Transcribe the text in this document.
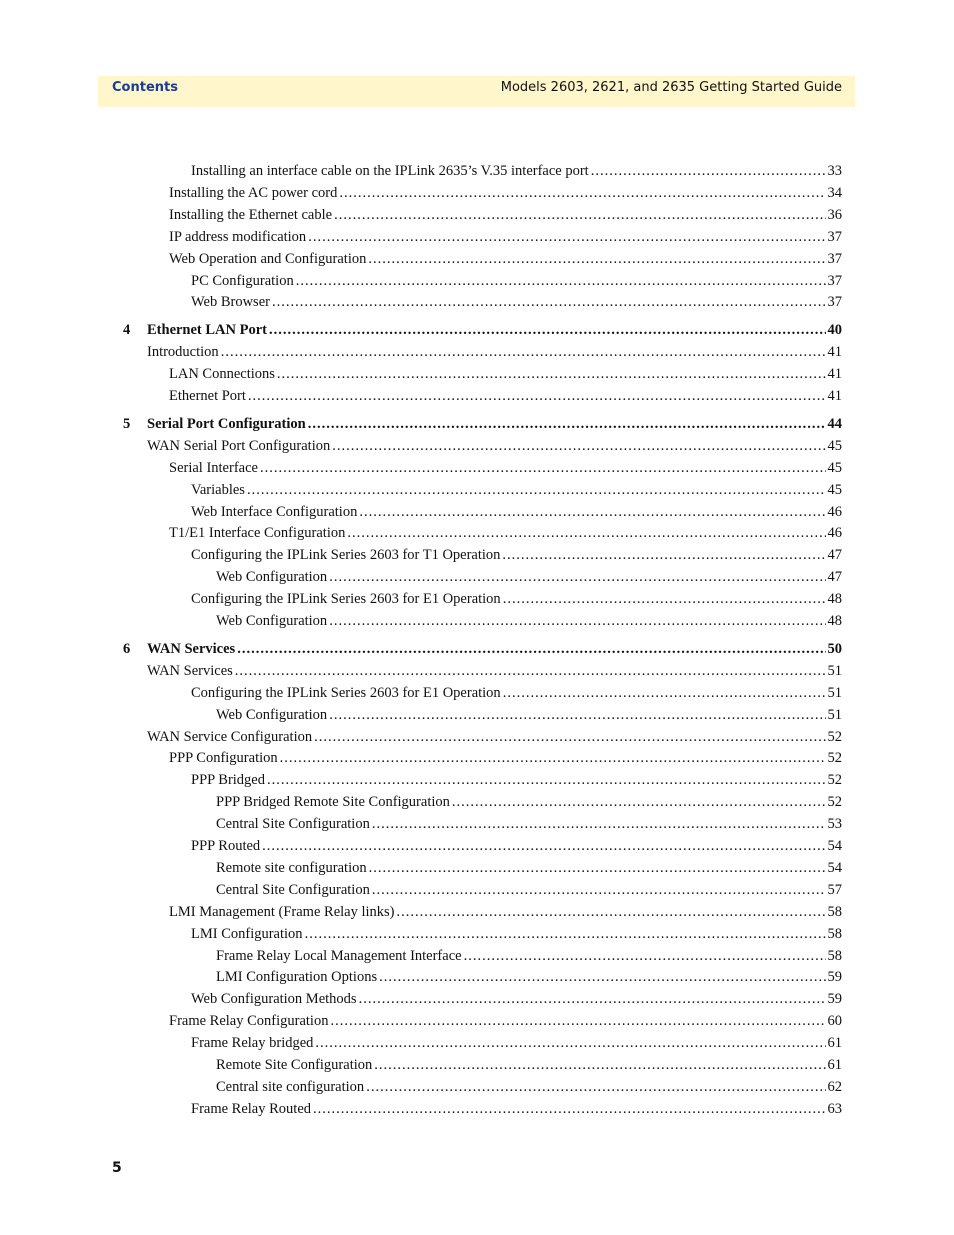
Contents	Models 2603, 2621, and 2635 Getting Started Guide
Installing an interface cable on the IPLink 2635’s V.35 interface port .....	33
Installing the AC power cord .....	34
Installing the Ethernet cable .....	36
IP address modification .....	37
Web Operation and Configuration .....	37
PC Configuration .....	37
Web Browser .....	37
4 Ethernet LAN Port .....	40
Introduction .....	41
LAN Connections .....	41
Ethernet Port .....	41
5 Serial Port Configuration .....	44
WAN Serial Port Configuration .....	45
Serial Interface .....	45
Variables .....	45
Web Interface Configuration .....	46
T1/E1 Interface Configuration .....	46
Configuring the IPLink Series 2603 for T1 Operation .....	47
Web Configuration .....	47
Configuring the IPLink Series 2603 for E1 Operation .....	48
Web Configuration .....	48
6 WAN Services .....	50
WAN Services .....	51
Configuring the IPLink Series 2603 for E1 Operation .....	51
Web Configuration .....	51
WAN Service Configuration .....	52
PPP Configuration .....	52
PPP Bridged .....	52
PPP Bridged Remote Site Configuration .....	52
Central Site Configuration .....	53
PPP Routed .....	54
Remote site configuration .....	54
Central Site Configuration .....	57
LMI Management (Frame Relay links) .....	58
LMI Configuration .....	58
Frame Relay Local Management Interface .....	58
LMI Configuration Options .....	59
Web Configuration Methods .....	59
Frame Relay Configuration .....	60
Frame Relay bridged .....	61
Remote Site Configuration .....	61
Central site configuration .....	62
Frame Relay Routed .....	63
5
